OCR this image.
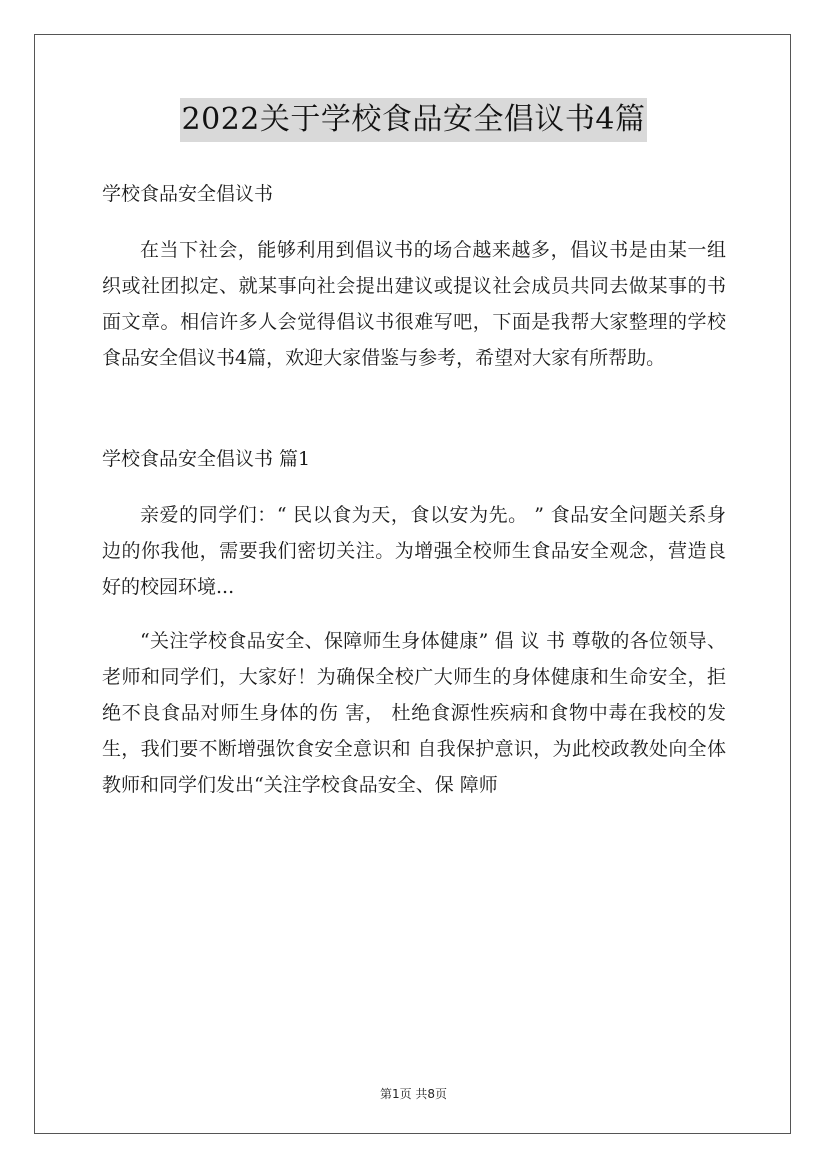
2022关于学校食品安全倡议书4篇

学校食品安全倡议书

在当下社会，能够利用到倡议书的场合越来越多，倡议书是由某一组织或社团拟定、就某事向社会提出建议或提议社会成员共同去做某事的书面文章。相信许多人会觉得倡议书很难写吧，下面是我帮大家整理的学校食品安全倡议书4篇，欢迎大家借鉴与参考，希望对大家有所帮助。

学校食品安全倡议书 篇1

亲爱的同学们：“ 民以食为天，食以安为先。 ” 食品安全问题关系身边的你我他，需要我们密切关注。为增强全校师生食品安全观念，营造良好的校园环境...

“关注学校食品安全、保障师生身体健康” 倡 议 书 尊敬的各位领导、老师和同学们，大家好！为确保全校广大师生的身体健康和生命安全，拒绝不良食品对师生身体的伤 害， 杜绝食源性疾病和食物中毒在我校的发生，我们要不断增强饮食安全意识和 自我保护意识，为此校政教处向全体教师和同学们发出“关注学校食品安全、保 障师

第1页 共8页
